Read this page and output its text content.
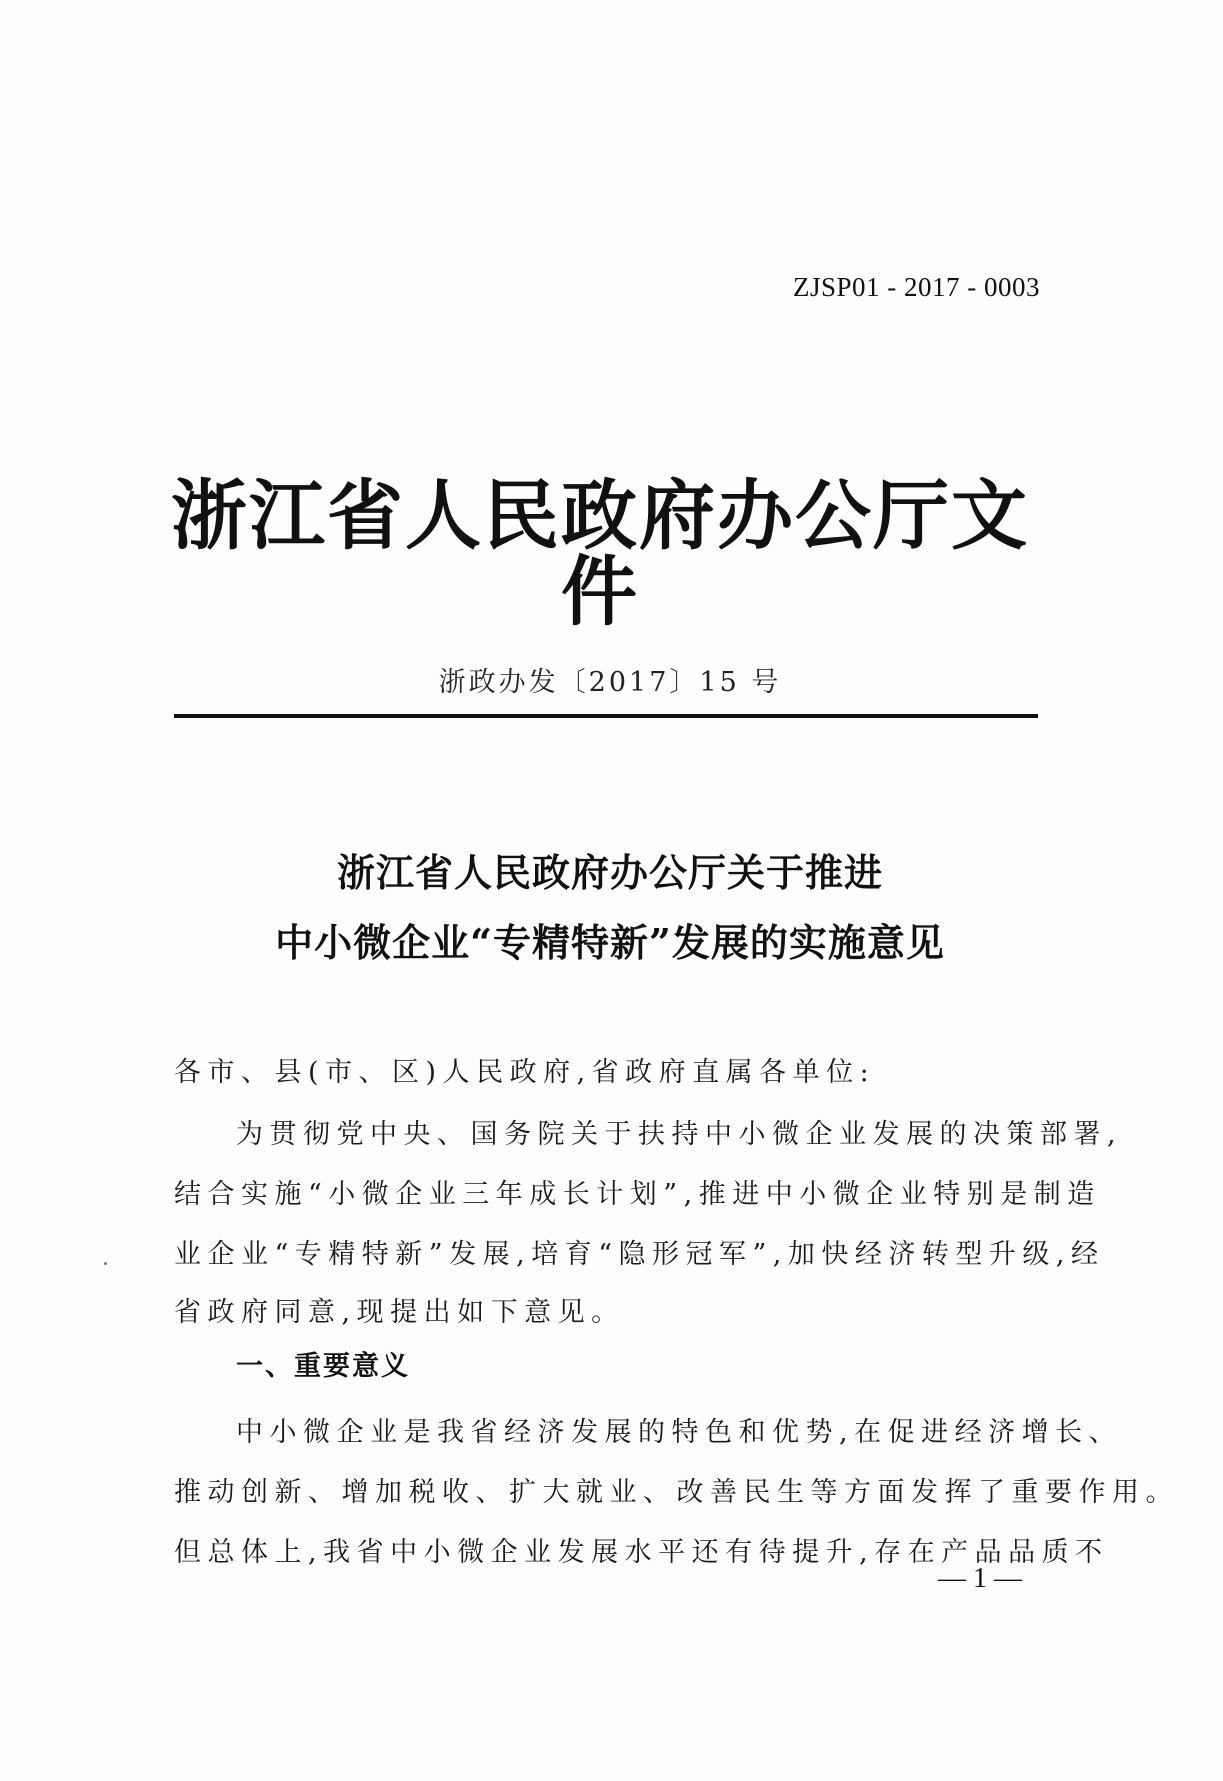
ZJSP01 - 2017 - 0003
浙江省人民政府办公厅文件
浙政办发〔2017〕15 号
浙江省人民政府办公厅关于推进
中小微企业“专精特新”发展的实施意见
各市、县(市、区)人民政府,省政府直属各单位:
为贯彻党中央、国务院关于扶持中小微企业发展的决策部署,
结合实施“小微企业三年成长计划”,推进中小微企业特别是制造
业企业“专精特新”发展,培育“隐形冠军”,加快经济转型升级,经
省政府同意,现提出如下意见。
一、重要意义
中小微企业是我省经济发展的特色和优势,在促进经济增长、
推动创新、增加税收、扩大就业、改善民生等方面发挥了重要作用。
但总体上,我省中小微企业发展水平还有待提升,存在产品品质不
— 1 —
